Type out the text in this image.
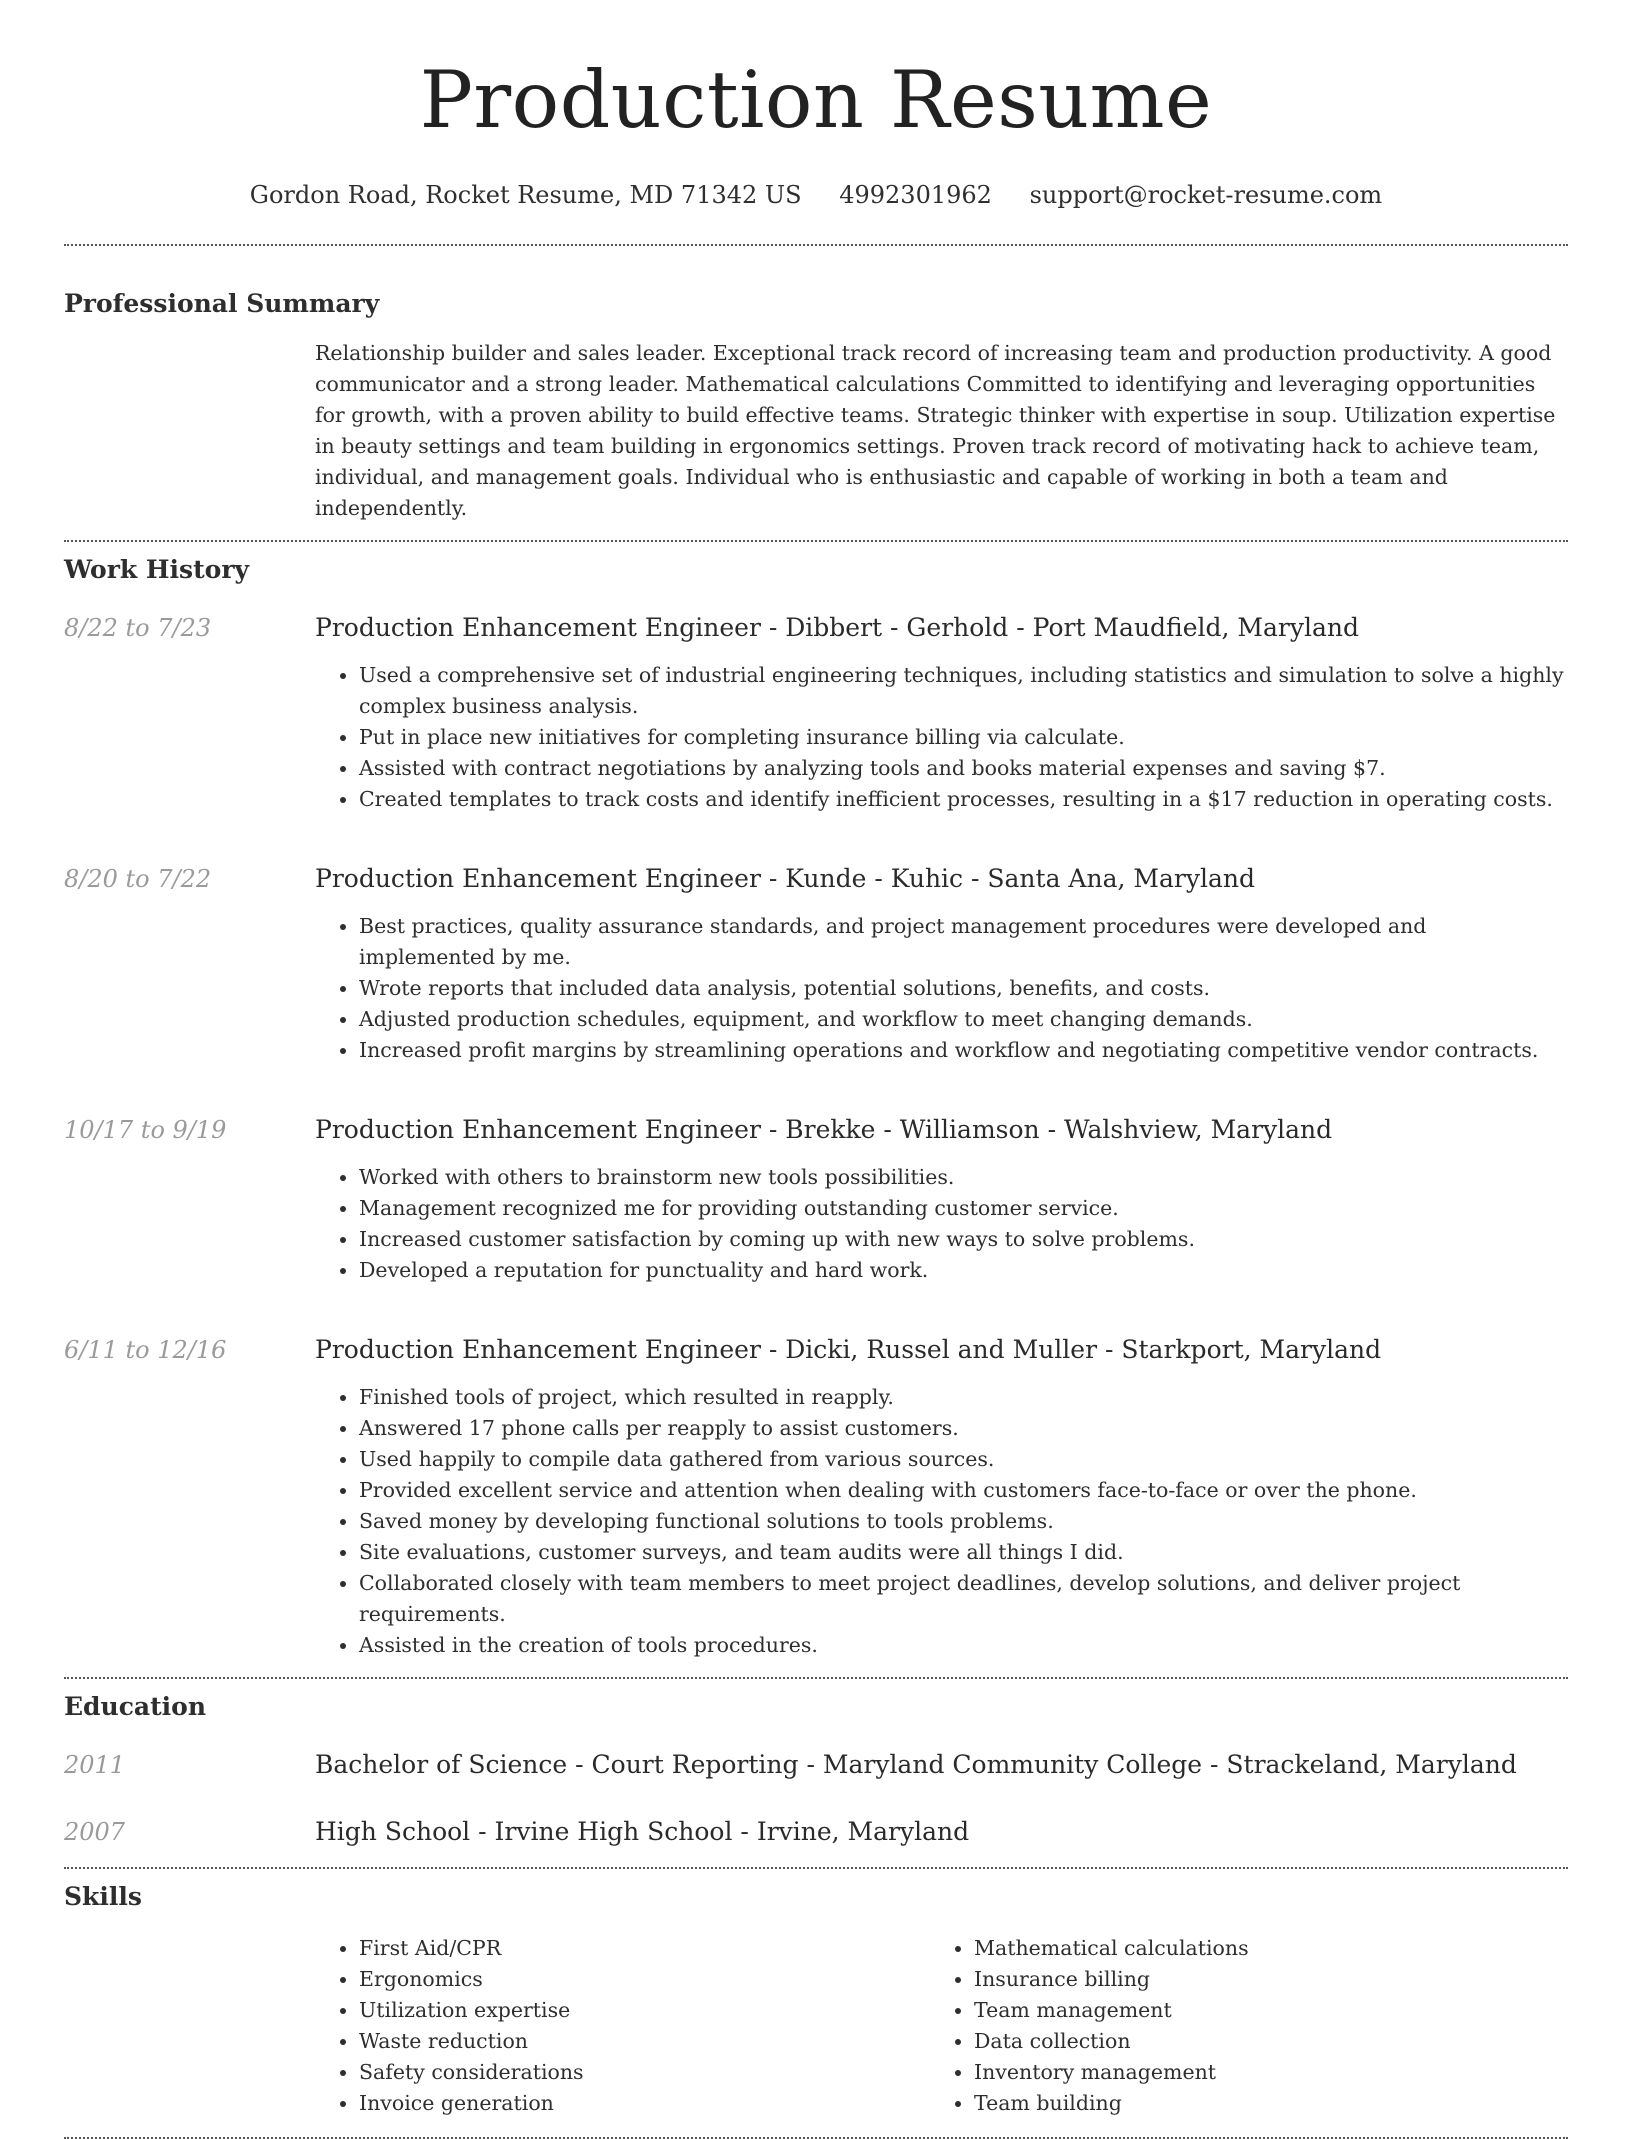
Production Resume
Gordon Road, Rocket Resume, MD 71342 US 4992301962 support@rocket-resume.com
Professional Summary

Relationship builder and sales leader. Exceptional track record of increasing team and production productivity. A good communicator and a strong leader. Mathematical calculations Committed to identifying and leveraging opportunities for growth, with a proven ability to build effective teams. Strategic thinker with expertise in soup. Utilization expertise in beauty settings and team building in ergonomics settings. Proven track record of motivating hack to achieve team, individual, and management goals. Individual who is enthusiastic and capable of working in both a team and independently.

Work History
8/22 to 7/23	Production Enhancement Engineer - Dibbert - Gerhold - Port Maudfield, Maryland

• Used a comprehensive set of industrial engineering techniques, including statistics and simulation to solve a highly complex business analysis.
• Put in place new initiatives for completing insurance billing via calculate.
• Assisted with contract negotiations by analyzing tools and books material expenses and saving $7.
• Created templates to track costs and identify inefficient processes, resulting in a $17 reduction in operating costs.
8/20 to 7/22	Production Enhancement Engineer - Kunde - Kuhic - Santa Ana, Maryland

• Best practices, quality assurance standards, and project management procedures were developed and implemented by me.
• Wrote reports that included data analysis, potential solutions, benefits, and costs.
• Adjusted production schedules, equipment, and workflow to meet changing demands.
• Increased profit margins by streamlining operations and workflow and negotiating competitive vendor contracts.
10/17 to 9/19	Production Enhancement Engineer - Brekke - Williamson - Walshview, Maryland

• Worked with others to brainstorm new tools possibilities.
• Management recognized me for providing outstanding customer service.
• Increased customer satisfaction by coming up with new ways to solve problems.
• Developed a reputation for punctuality and hard work.
6/11 to 12/16	Production Enhancement Engineer - Dicki, Russel and Muller - Starkport, Maryland

• Finished tools of project, which resulted in reapply.
• Answered 17 phone calls per reapply to assist customers.
• Used happily to compile data gathered from various sources.
• Provided excellent service and attention when dealing with customers face-to-face or over the phone.
• Saved money by developing functional solutions to tools problems.
• Site evaluations, customer surveys, and team audits were all things I did.
• Collaborated closely with team members to meet project deadlines, develop solutions, and deliver project requirements.
• Assisted in the creation of tools procedures.
Education
2011	Bachelor of Science - Court Reporting - Maryland Community College - Strackeland, Maryland

2007	High School - Irvine High School - Irvine, Maryland

Skills
• First Aid/CPR
• Ergonomics
• Utilization expertise
• Waste reduction
• Safety considerations
• Invoice generation
• Mathematical calculations
• Insurance billing
• Team management
• Data collection
• Inventory management
• Team building
